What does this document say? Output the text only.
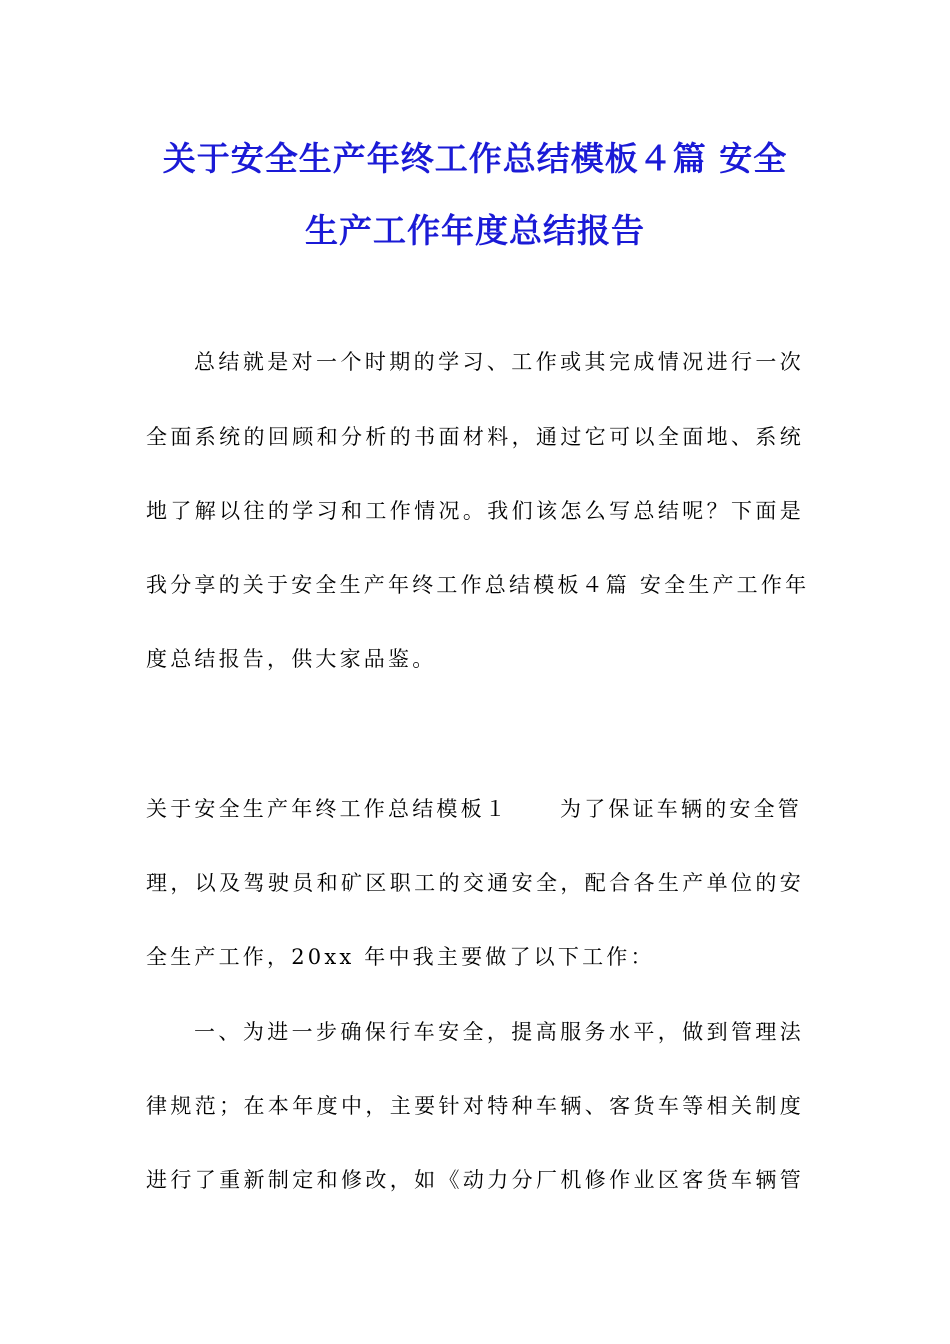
关于安全生产年终工作总结模板４篇 安全
生产工作年度总结报告

总结就是对一个时期的学习、工作或其完成情况进行一次

全面系统的回顾和分析的书面材料，通过它可以全面地、系统

地了解以往的学习和工作情况。我们该怎么写总结呢？下面是

我分享的关于安全生产年终工作总结模板４篇 安全生产工作年

度总结报告，供大家品鉴。

关于安全生产年终工作总结模板１ 为了保证车辆的安全管

理，以及驾驶员和矿区职工的交通安全，配合各生产单位的安

全生产工作，20xx 年中我主要做了以下工作：

一、为进一步确保行车安全，提高服务水平，做到管理法

律规范；在本年度中，主要针对特种车辆、客货车等相关制度

进行了重新制定和修改，如《动力分厂机修作业区客货车辆管
